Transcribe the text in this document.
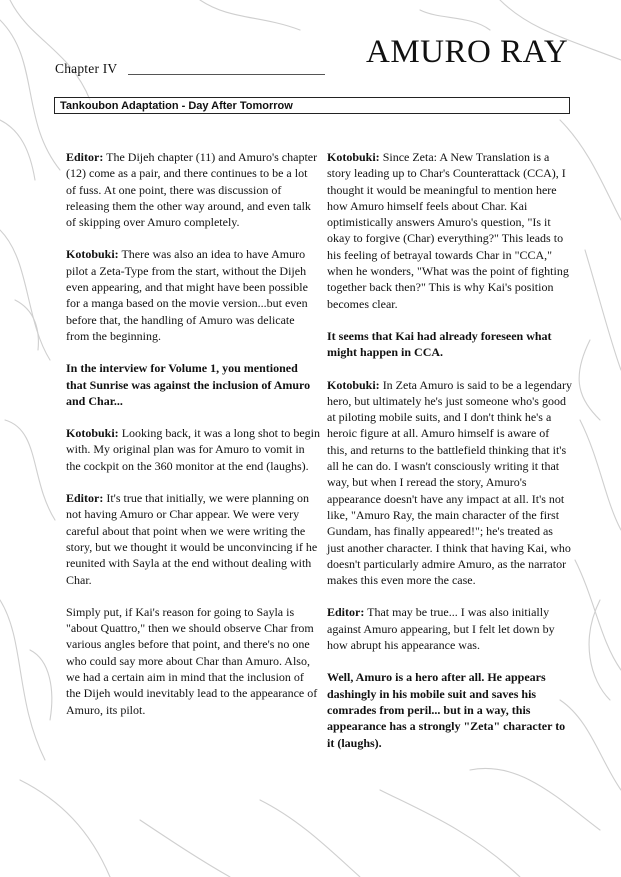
Chapter IV	AMURO RAY
Tankoubon Adaptation - Day After Tomorrow

Editor: The Dijeh chapter (11) and Amuro's chapter (12) come as a pair, and there continues to be a lot of fuss. At one point, there was discussion of releasing them the other way around, and even talk of skipping over Amuro completely.

Kotobuki: There was also an idea to have Amuro pilot a Zeta-Type from the start, without the Dijeh even appearing, and that might have been possible for a manga based on the movie version...but even before that, the handling of Amuro was delicate from the beginning.

In the interview for Volume 1, you mentioned that Sunrise was against the inclusion of Amuro and Char...

Kotobuki: Looking back, it was a long shot to begin with. My original plan was for Amuro to vomit in the cockpit on the 360 monitor at the end (laughs).

Editor: It's true that initially, we were planning on not having Amuro or Char appear. We were very careful about that point when we were writing the story, but we thought it would be unconvincing if he reunited with Sayla at the end without dealing with Char.

Simply put, if Kai's reason for going to Sayla is "about Quattro," then we should observe Char from various angles before that point, and there's no one who could say more about Char than Amuro. Also, we had a certain aim in mind that the inclusion of the Dijeh would inevitably lead to the appearance of Amuro, its pilot.

Kotobuki: Since Zeta: A New Translation is a story leading up to Char's Counterattack (CCA), I thought it would be meaningful to mention here how Amuro himself feels about Char. Kai optimistically answers Amuro's question, "Is it okay to forgive (Char) everything?" This leads to his feeling of betrayal towards Char in "CCA," when he wonders, "What was the point of fighting together back then?" This is why Kai's position becomes clear.

It seems that Kai had already foreseen what might happen in CCA.

Kotobuki: In Zeta Amuro is said to be a legendary hero, but ultimately he's just someone who's good at piloting mobile suits, and I don't think he's a heroic figure at all. Amuro himself is aware of this, and returns to the battlefield thinking that it's all he can do. I wasn't consciously writing it that way, but when I reread the story, Amuro's appearance doesn't have any impact at all. It's not like, "Amuro Ray, the main character of the first Gundam, has finally appeared!"; he's treated as just another character. I think that having Kai, who doesn't particularly admire Amuro, as the narrator makes this even more the case.

Editor: That may be true... I was also initially against Amuro appearing, but I felt let down by how abrupt his appearance was.

Well, Amuro is a hero after all. He appears dashingly in his mobile suit and saves his comrades from peril... but in a way, this appearance has a strongly "Zeta" character to it (laughs).
